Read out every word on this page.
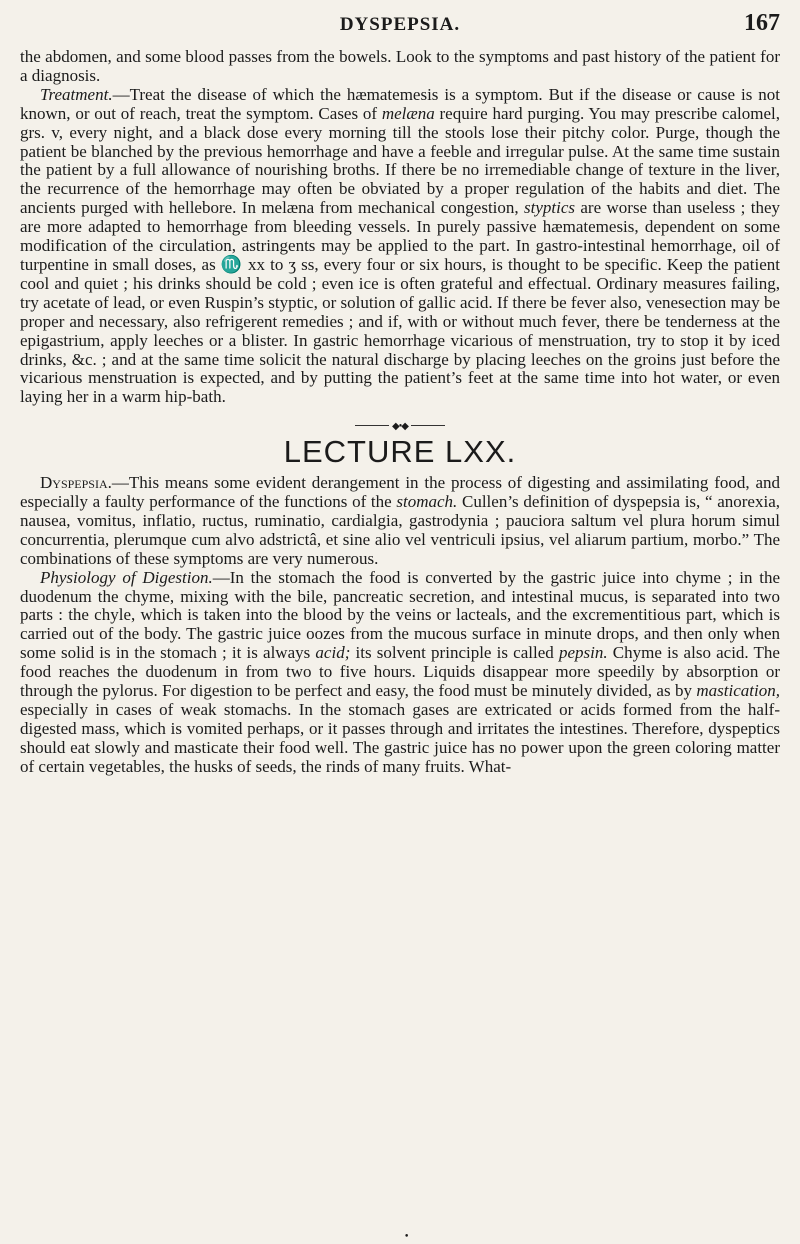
DYSPEPSIA.	167

the abdomen, and some blood passes from the bowels. Look to the symptoms and past history of the patient for a diagnosis.

Treatment.—Treat the disease of which the hæmatemesis is a symptom. But if the disease or cause is not known, or out of reach, treat the symptom. Cases of melæna require hard purging. You may prescribe calomel, grs. v, every night, and a black dose every morning till the stools lose their pitchy color. Purge, though the patient be blanched by the previous hemorrhage and have a feeble and irregular pulse. At the same time sustain the patient by a full allowance of nourishing broths. If there be no irremediable change of texture in the liver, the recurrence of the hemorrhage may often be obviated by a proper regulation of the habits and diet. The ancients purged with hellebore. In melæna from mechanical congestion, styptics are worse than useless ; they are more adapted to hemorrhage from bleeding vessels. In purely passive hæmatemesis, dependent on some modification of the circulation, astringents may be applied to the part. In gastro-intestinal hemorrhage, oil of turpentine in small doses, as ♏ xx to ʒ ss, every four or six hours, is thought to be specific. Keep the patient cool and quiet ; his drinks should be cold ; even ice is often grateful and effectual. Ordinary measures failing, try acetate of lead, or even Ruspin’s styptic, or solution of gallic acid. If there be fever also, venesection may be proper and necessary, also refrigerent remedies ; and if, with or without much fever, there be tenderness at the epigastrium, apply leeches or a blister. In gastric hemorrhage vicarious of menstruation, try to stop it by iced drinks, &c. ; and at the same time solicit the natural discharge by placing leeches on the groins just before the vicarious menstruation is expected, and by putting the patient’s feet at the same time into hot water, or even laying her in a warm hip-bath.

◆•◆
LECTURE LXX.

Dyspepsia.—This means some evident derangement in the process of digesting and assimilating food, and especially a faulty performance of the functions of the stomach. Cullen’s definition of dyspepsia is, “ anorexia, nausea, vomitus, inflatio, ructus, ruminatio, cardialgia, gastrodynia ; pauciora saltum vel plura horum simul concurrentia, plerumque cum alvo adstrictâ, et sine alio vel ventriculi ipsius, vel aliarum partium, morbo.” The combinations of these symptoms are very numerous.

Physiology of Digestion.—In the stomach the food is converted by the gastric juice into chyme ; in the duodenum the chyme, mixing with the bile, pancreatic secretion, and intestinal mucus, is separated into two parts : the chyle, which is taken into the blood by the veins or lacteals, and the excrementitious part, which is carried out of the body. The gastric juice oozes from the mucous surface in minute drops, and then only when some solid is in the stomach ; it is always acid; its solvent principle is called pepsin. Chyme is also acid. The food reaches the duodenum in from two to five hours. Liquids disappear more speedily by absorption or through the pylorus. For digestion to be perfect and easy, the food must be minutely divided, as by mastication, especially in cases of weak stomachs. In the stomach gases are extricated or acids formed from the half-digested mass, which is vomited perhaps, or it passes through and irritates the intestines. Therefore, dyspeptics should eat slowly and masticate their food well. The gastric juice has no power upon the green coloring matter of certain vegetables, the husks of seeds, the rinds of many fruits. What-

•
